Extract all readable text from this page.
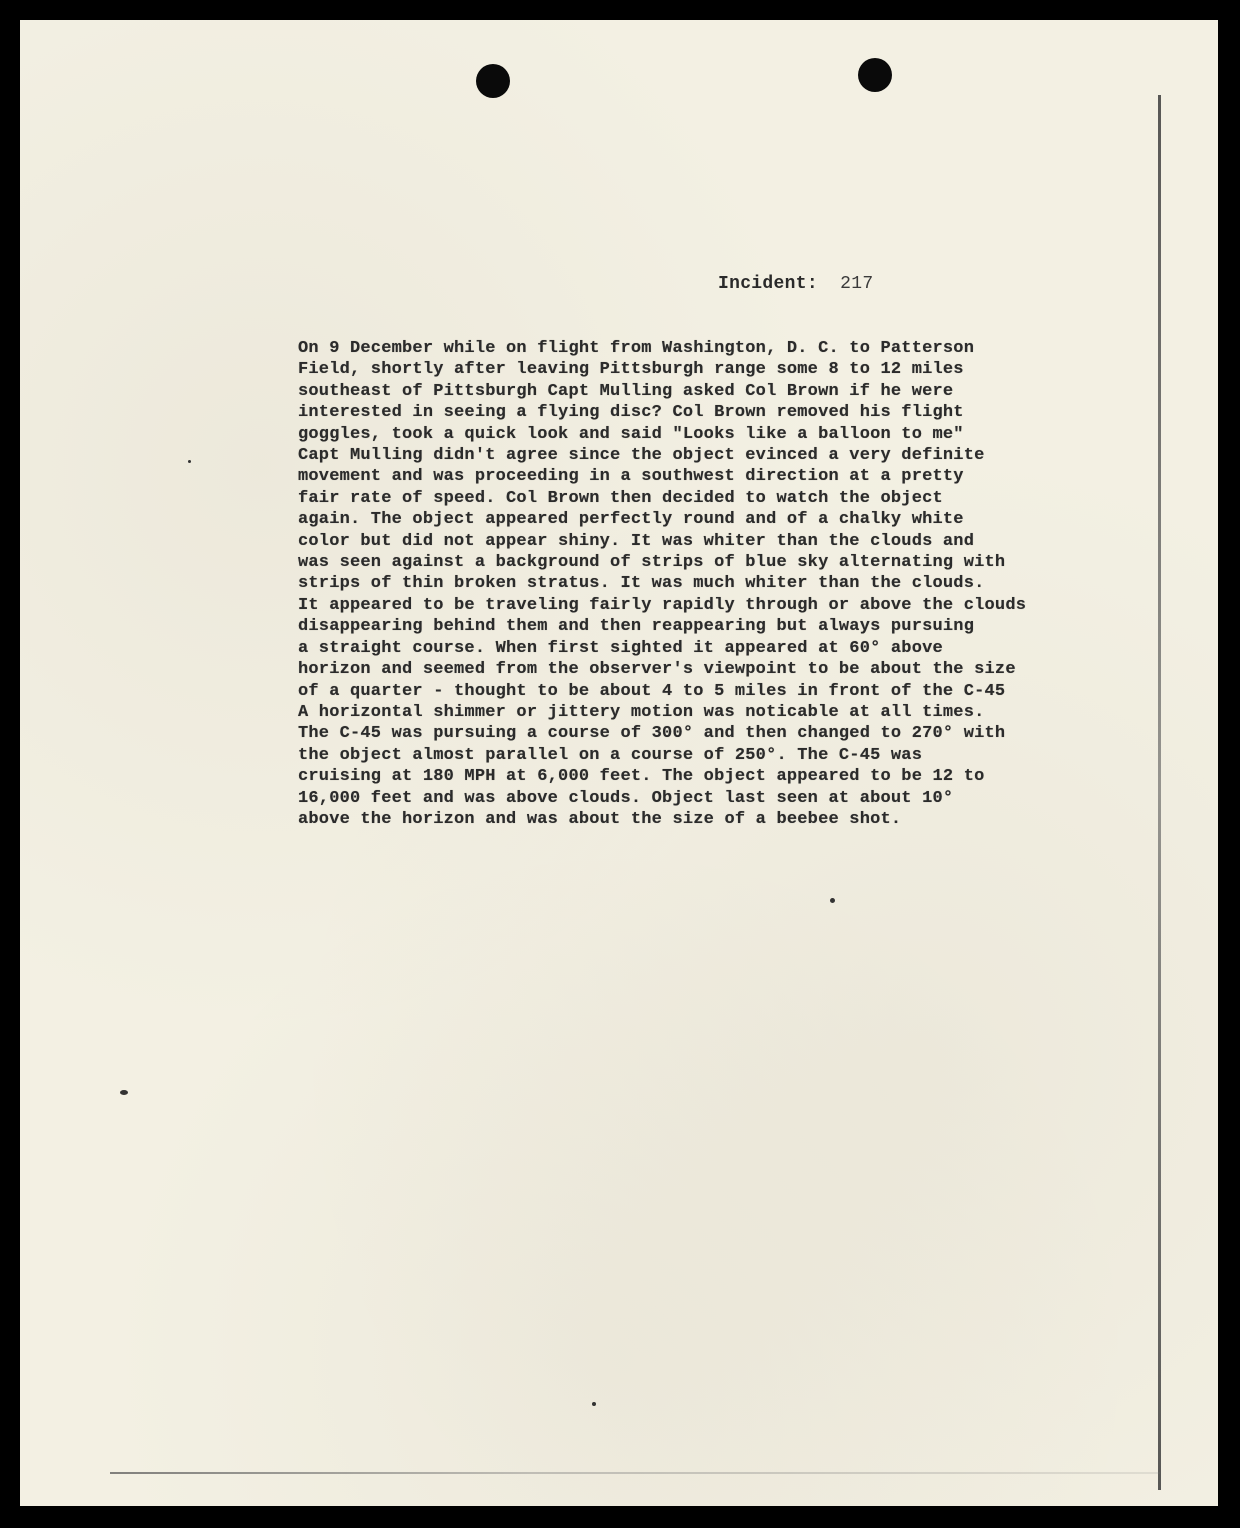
Incident: 217
On 9 December while on flight from Washington, D. C. to Patterson
Field, shortly after leaving Pittsburgh range some 8 to 12 miles
southeast of Pittsburgh Capt Mulling asked Col Brown if he were
interested in seeing a flying disc? Col Brown removed his flight
goggles, took a quick look and said "Looks like a balloon to me"
Capt Mulling didn't agree since the object evinced a very definite
movement and was proceeding in a southwest direction at a pretty
fair rate of speed. Col Brown then decided to watch the object
again. The object appeared perfectly round and of a chalky white
color but did not appear shiny. It was whiter than the clouds and
was seen against a background of strips of blue sky alternating with
strips of thin broken stratus. It was much whiter than the clouds.
It appeared to be traveling fairly rapidly through or above the clouds
disappearing behind them and then reappearing but always pursuing
a straight course. When first sighted it appeared at 60° above
horizon and seemed from the observer's viewpoint to be about the size
of a quarter - thought to be about 4 to 5 miles in front of the C-45
A horizontal shimmer or jittery motion was noticable at all times.
The C-45 was pursuing a course of 300° and then changed to 270° with
the object almost parallel on a course of 250°. The C-45 was
cruising at 180 MPH at 6,000 feet. The object appeared to be 12 to
16,000 feet and was above clouds. Object last seen at about 10°
above the horizon and was about the size of a beebee shot.
